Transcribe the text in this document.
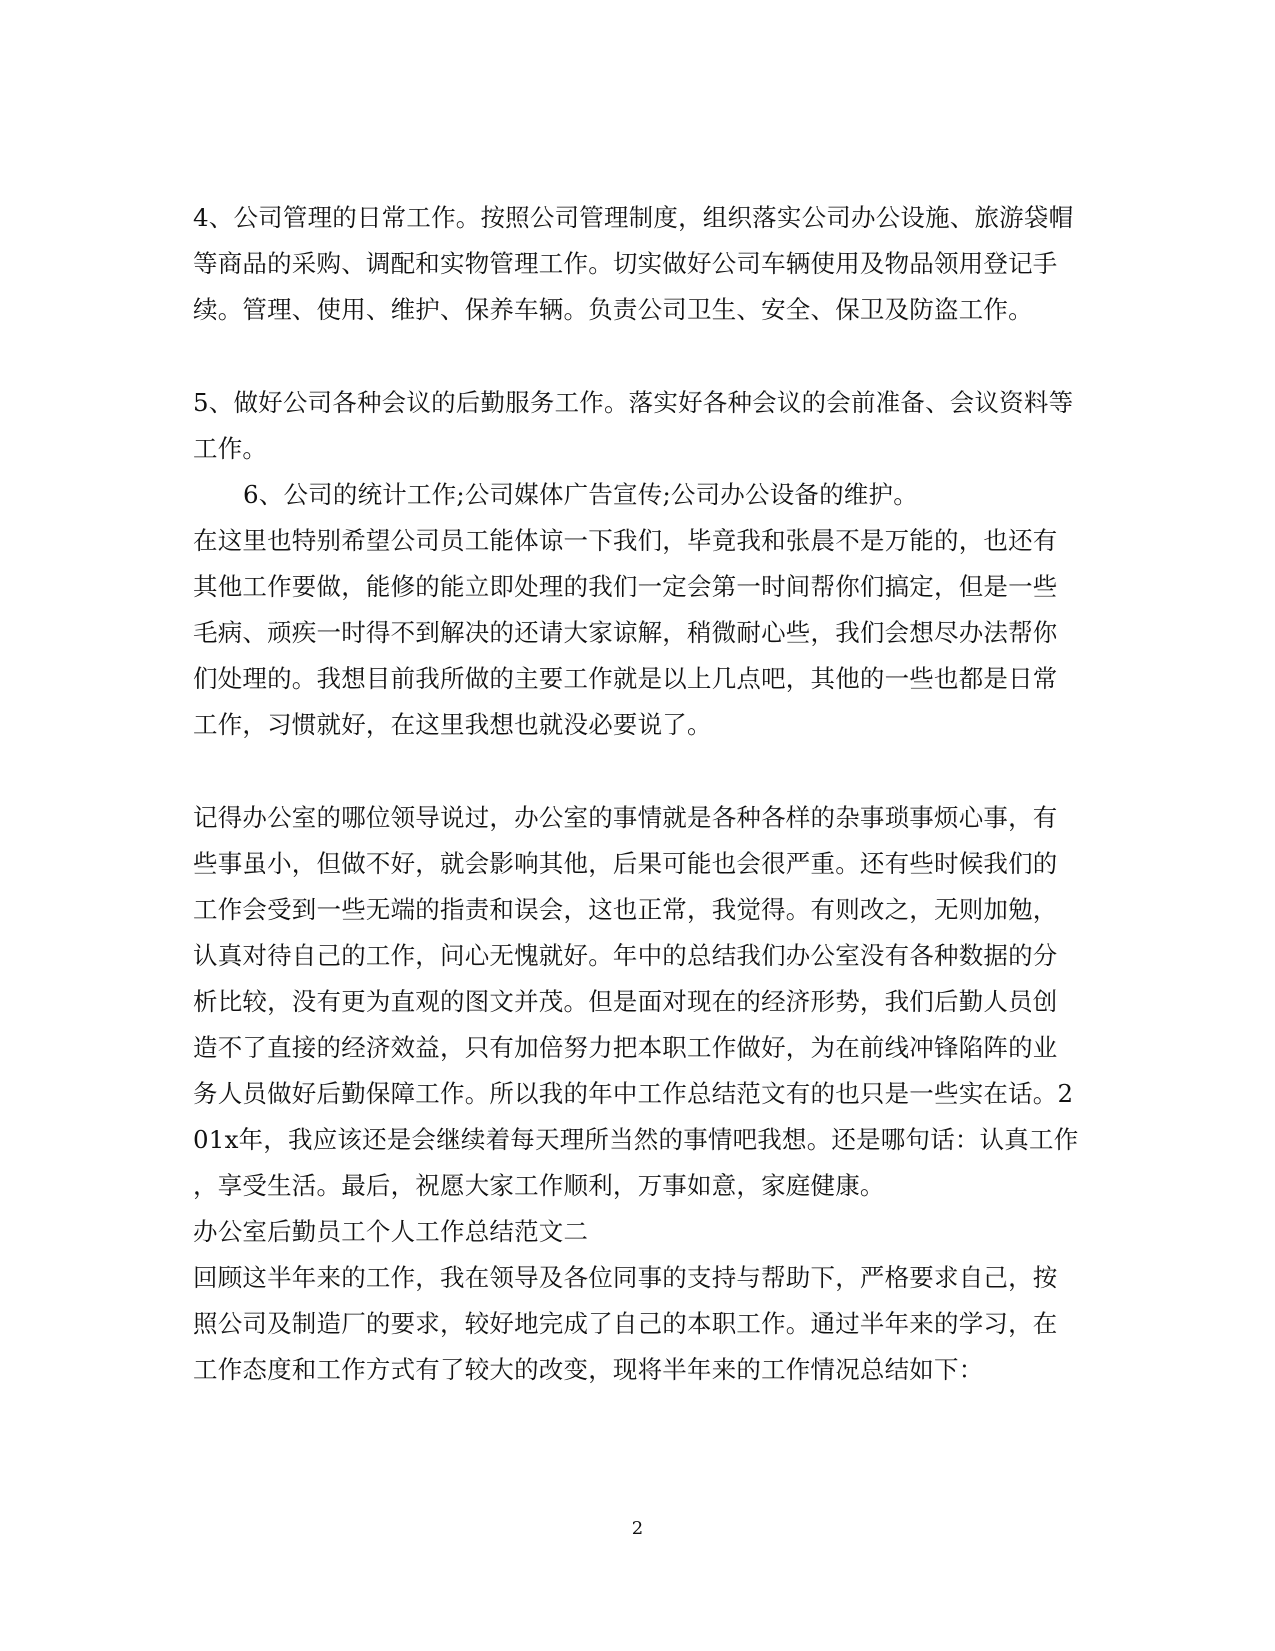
4、公司管理的日常工作。按照公司管理制度，组织落实公司办公设施、旅游袋帽
等商品的采购、调配和实物管理工作。切实做好公司车辆使用及物品领用登记手
续。管理、使用、维护、保养车辆。负责公司卫生、安全、保卫及防盗工作。
5、做好公司各种会议的后勤服务工作。落实好各种会议的会前准备、会议资料等
工作。
6、公司的统计工作;公司媒体广告宣传;公司办公设备的维护。
在这里也特别希望公司员工能体谅一下我们，毕竟我和张晨不是万能的，也还有
其他工作要做，能修的能立即处理的我们一定会第一时间帮你们搞定，但是一些
毛病、顽疾一时得不到解决的还请大家谅解，稍微耐心些，我们会想尽办法帮你
们处理的。我想目前我所做的主要工作就是以上几点吧，其他的一些也都是日常
工作，习惯就好，在这里我想也就没必要说了。
记得办公室的哪位领导说过，办公室的事情就是各种各样的杂事琐事烦心事，有
些事虽小，但做不好，就会影响其他，后果可能也会很严重。还有些时候我们的
工作会受到一些无端的指责和误会，这也正常，我觉得。有则改之，无则加勉，
认真对待自己的工作，问心无愧就好。年中的总结我们办公室没有各种数据的分
析比较，没有更为直观的图文并茂。但是面对现在的经济形势，我们后勤人员创
造不了直接的经济效益，只有加倍努力把本职工作做好，为在前线冲锋陷阵的业
务人员做好后勤保障工作。所以我的年中工作总结范文有的也只是一些实在话。2
01x年，我应该还是会继续着每天理所当然的事情吧我想。还是哪句话：认真工作
，享受生活。最后，祝愿大家工作顺利，万事如意，家庭健康。
办公室后勤员工个人工作总结范文二
回顾这半年来的工作，我在领导及各位同事的支持与帮助下，严格要求自己，按
照公司及制造厂的要求，较好地完成了自己的本职工作。通过半年来的学习，在
工作态度和工作方式有了较大的改变，现将半年来的工作情况总结如下：
2
